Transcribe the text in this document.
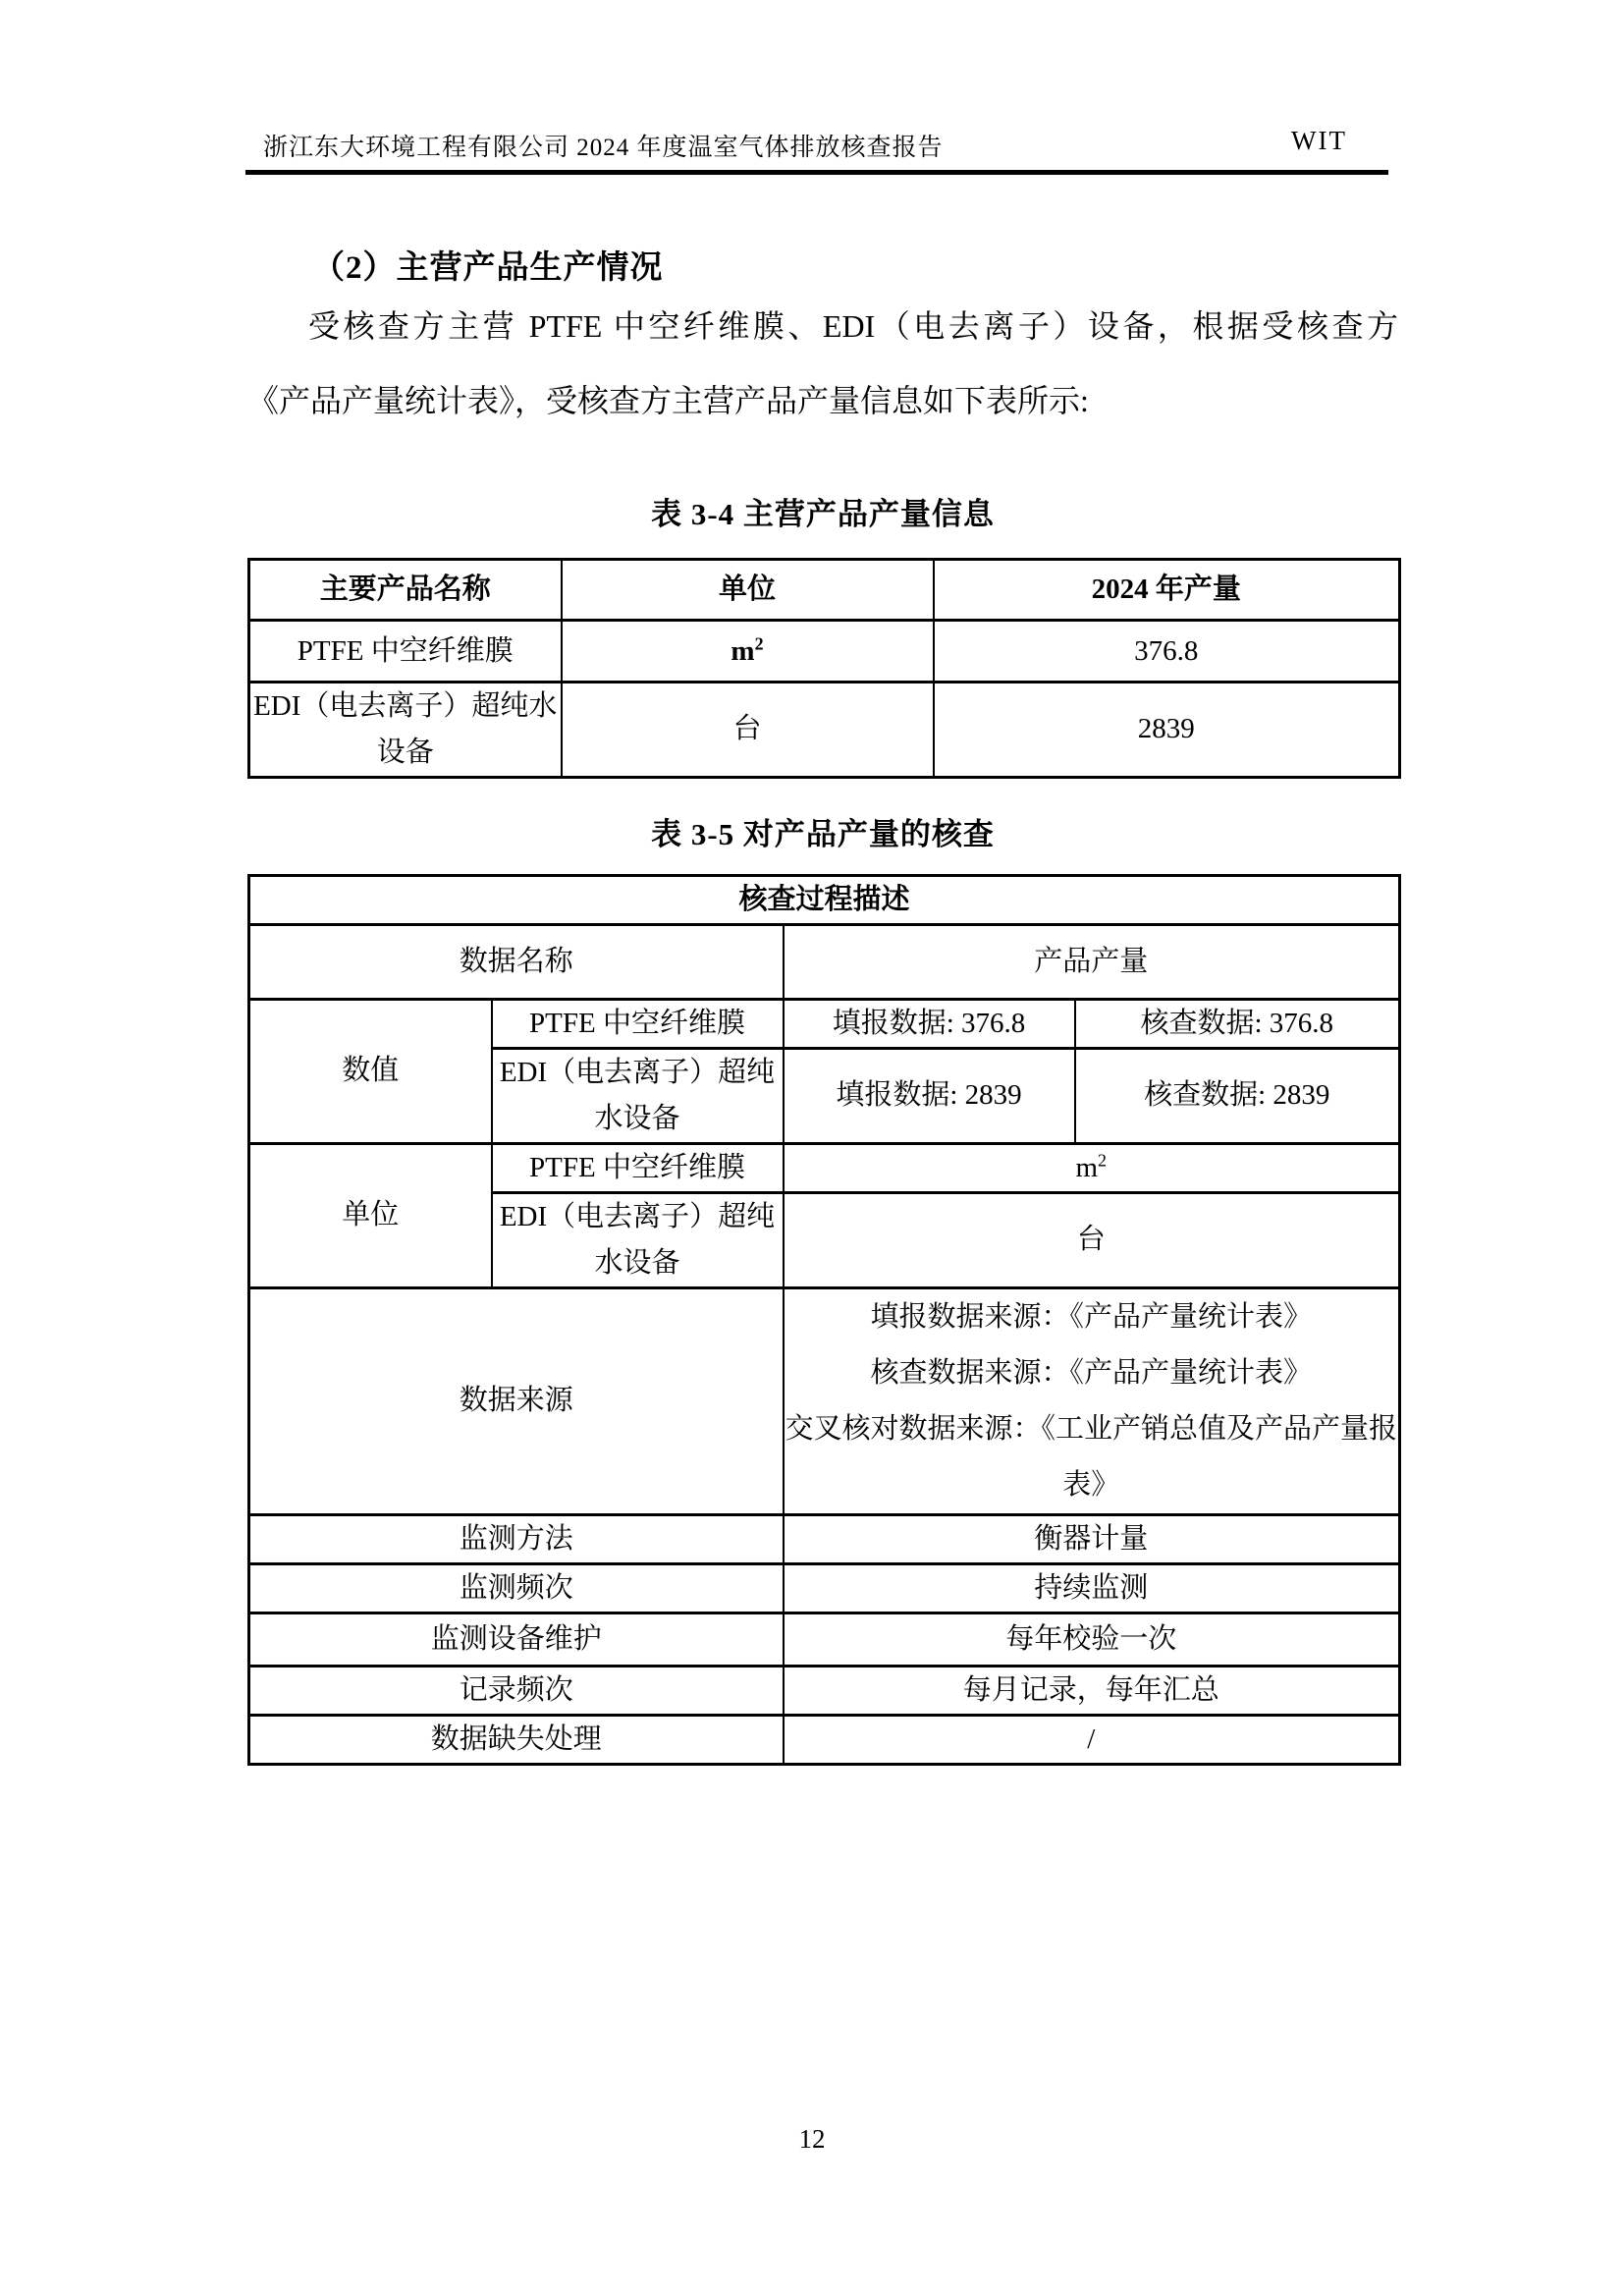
浙江东大环境工程有限公司 2024 年度温室气体排放核查报告	WIT
（2）主营产品生产情况
受核查方主营 PTFE 中空纤维膜、EDI（电去离子）设备，根据受核查方
《产品产量统计表》，受核查方主营产品产量信息如下表所示:
表 3-4 主营产品产量信息
主要产品名称	单位	2024 年产量
PTFE 中空纤维膜	$m^2$	376.8
EDI（电去离子）超纯水设备	台	2839
表 3-5 对产品产量的核查
核查过程描述			
数据名称		产品产量	
数值	PTFE 中空纤维膜	填报数据: 376.8	核查数据: 376.8
	EDI（电去离子）超纯水设备	填报数据: 2839	核查数据: 2839
单位	PTFE 中空纤维膜	$m^2$
	EDI（电去离子）超纯水设备	台	
数据来源		填报数据来源：《产品产量统计表》
核查数据来源：《产品产量统计表》
交叉核对数据来源：《工业产销总值及产品产量报表》	

监测方法		衡器计量	
监测频次		持续监测	
监测设备维护		每年校验一次	
记录频次		每月记录，每年汇总	
数据缺失处理		/	
12
